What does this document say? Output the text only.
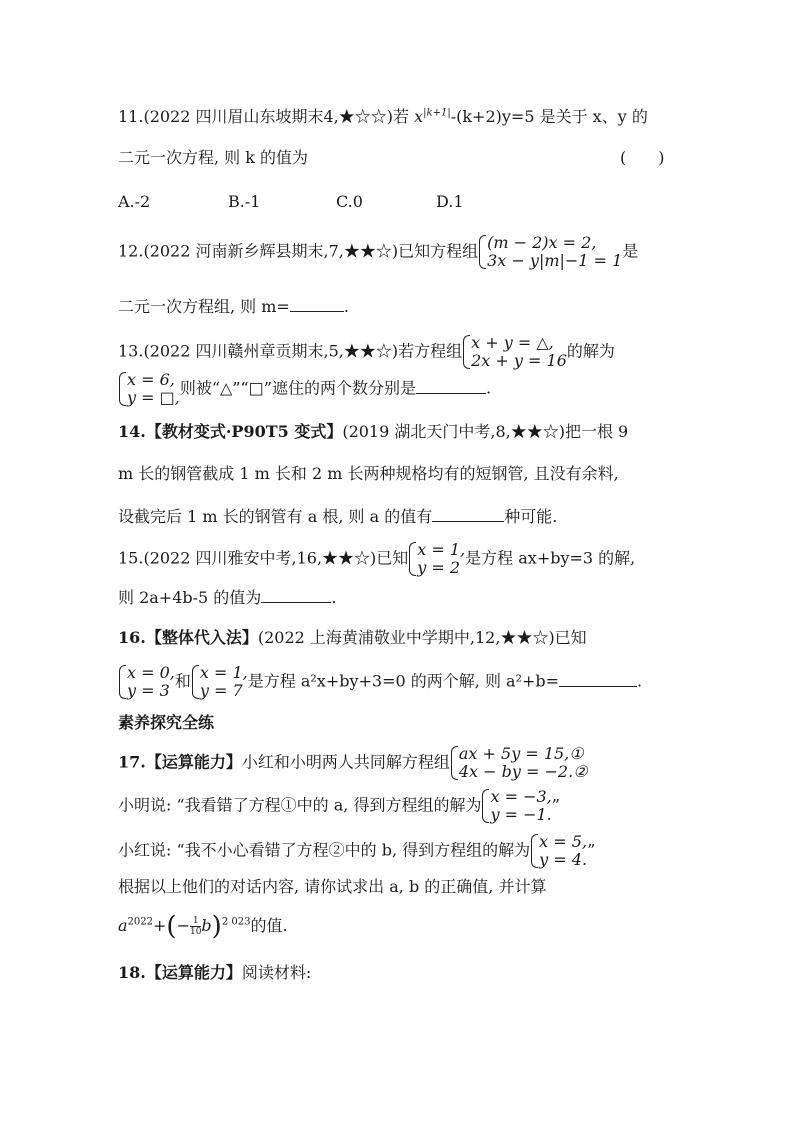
11.(2022 四川眉山东坡期末4,★☆☆)若 $x^{|k+1|}-(k+2)y=5$ 是关于 x、y 的
二元一次方程, 则 k 的值为	(　　)
A.-2	B.-1	C.0	D.1
12.(2022 河南新乡辉县期末,7,★★☆)已知方程组 (m − 2)x = 2,
3x − y|m|−1 = 1 是
二元一次方程组, 则 m=	.
13.(2022 四川赣州章贡期末,5,★★☆)若方程组 x + y = △,
2x + y = 16 的解为
x = 6,
y = □, 则被“△”“□”遮住的两个数分别是	.
14.【教材变式·P90T5 变式】(2019 湖北天门中考,8,★★☆)把一根 9
m 长的钢管截成 1 m 长和 2 m 长两种规格均有的短钢管, 且没有余料,
设截完后 1 m 长的钢管有 a 根, 则 a 的值有	种可能.
15.(2022 四川雅安中考,16,★★☆)已知 x = 1,
y = 2 是方程 ax+by=3 的解,
则 2a+4b-5 的值为	.
16.【整体代入法】(2022 上海黄浦敬业中学期中,12,★★☆)已知
x = 0,
y = 3 和 x = 1,
y = 7 是方程 a²x+by+3=0 的两个解, 则 a²+b=	.
素养探究全练
17.【运算能力】小红和小明两人共同解方程组 ax + 5y = 15,①
4x − by = −2.②
小明说: “我看错了方程①中的 a, 得到方程组的解为 x = −3,
y = −1. ”
小红说: “我不小心看错了方程②中的 b, 得到方程组的解为 x = 5,
y = 4. ”
根据以上他们的对话内容, 请你试求出 a, b 的正确值, 并计算
$a^{2022}+(- \frac{1}{10} b)^{2 023}$的值.
18.【运算能力】阅读材料:
